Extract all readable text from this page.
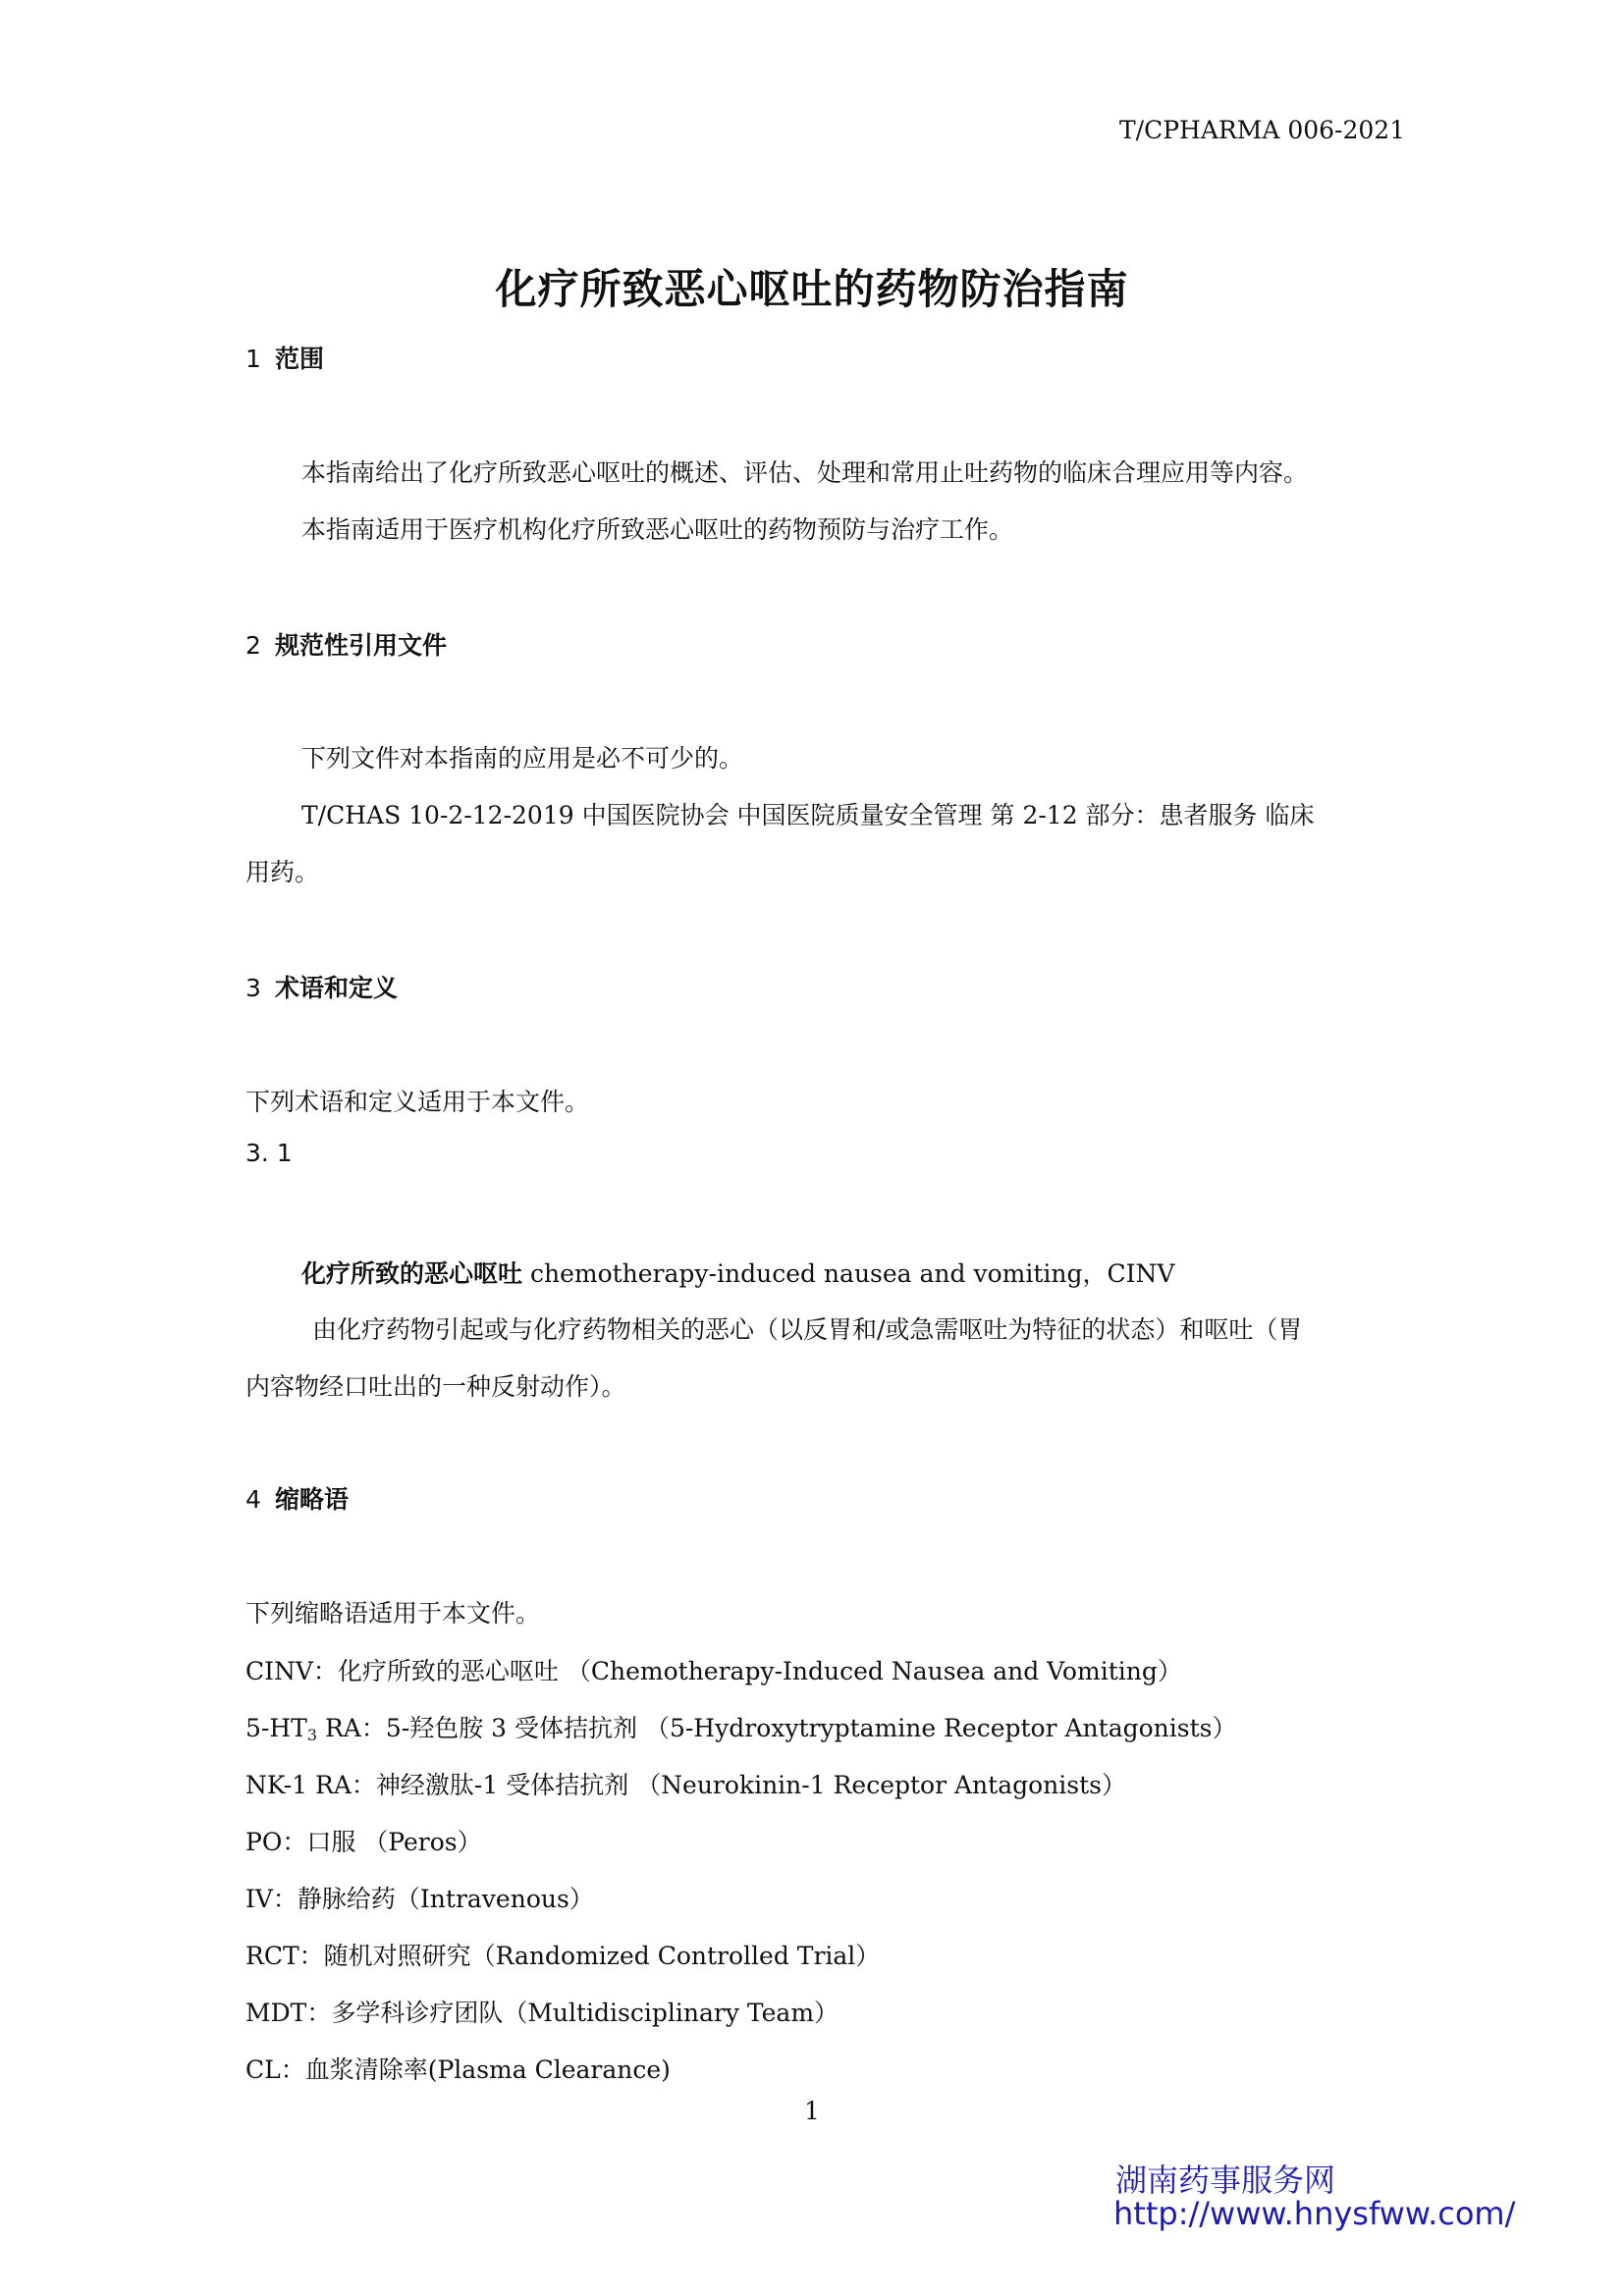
T/CPHARMA 006-2021
化疗所致恶心呕吐的药物防治指南
1 范围
本指南给出了化疗所致恶心呕吐的概述、评估、处理和常用止吐药物的临床合理应用等内容。
本指南适用于医疗机构化疗所致恶心呕吐的药物预防与治疗工作。
2 规范性引用文件
下列文件对本指南的应用是必不可少的。
T/CHAS 10-2-12-2019 中国医院协会 中国医院质量安全管理 第 2-12 部分：患者服务 临床
用药。
3 术语和定义
下列术语和定义适用于本文件。
3. 1
化疗所致的恶心呕吐 chemotherapy-induced nausea and vomiting，CINV
由化疗药物引起或与化疗药物相关的恶心（以反胃和/或急需呕吐为特征的状态）和呕吐（胃
内容物经口吐出的一种反射动作）。
4 缩略语
下列缩略语适用于本文件。
CINV：化疗所致的恶心呕吐 （Chemotherapy-Induced Nausea and Vomiting）
$5-HT_3$ RA：5-羟色胺 3 受体拮抗剂 （5-Hydroxytryptamine Receptor Antagonists）
NK-1 RA：神经激肽-1 受体拮抗剂 （Neurokinin-1 Receptor Antagonists）
PO：口服 （Peros）
IV：静脉给药（Intravenous）
RCT：随机对照研究（Randomized Controlled Trial）
MDT：多学科诊疗团队（Multidisciplinary Team）
CL：血浆清除率(Plasma Clearance)
1
湖南药事服务网
http://www.hnysfww.com/
